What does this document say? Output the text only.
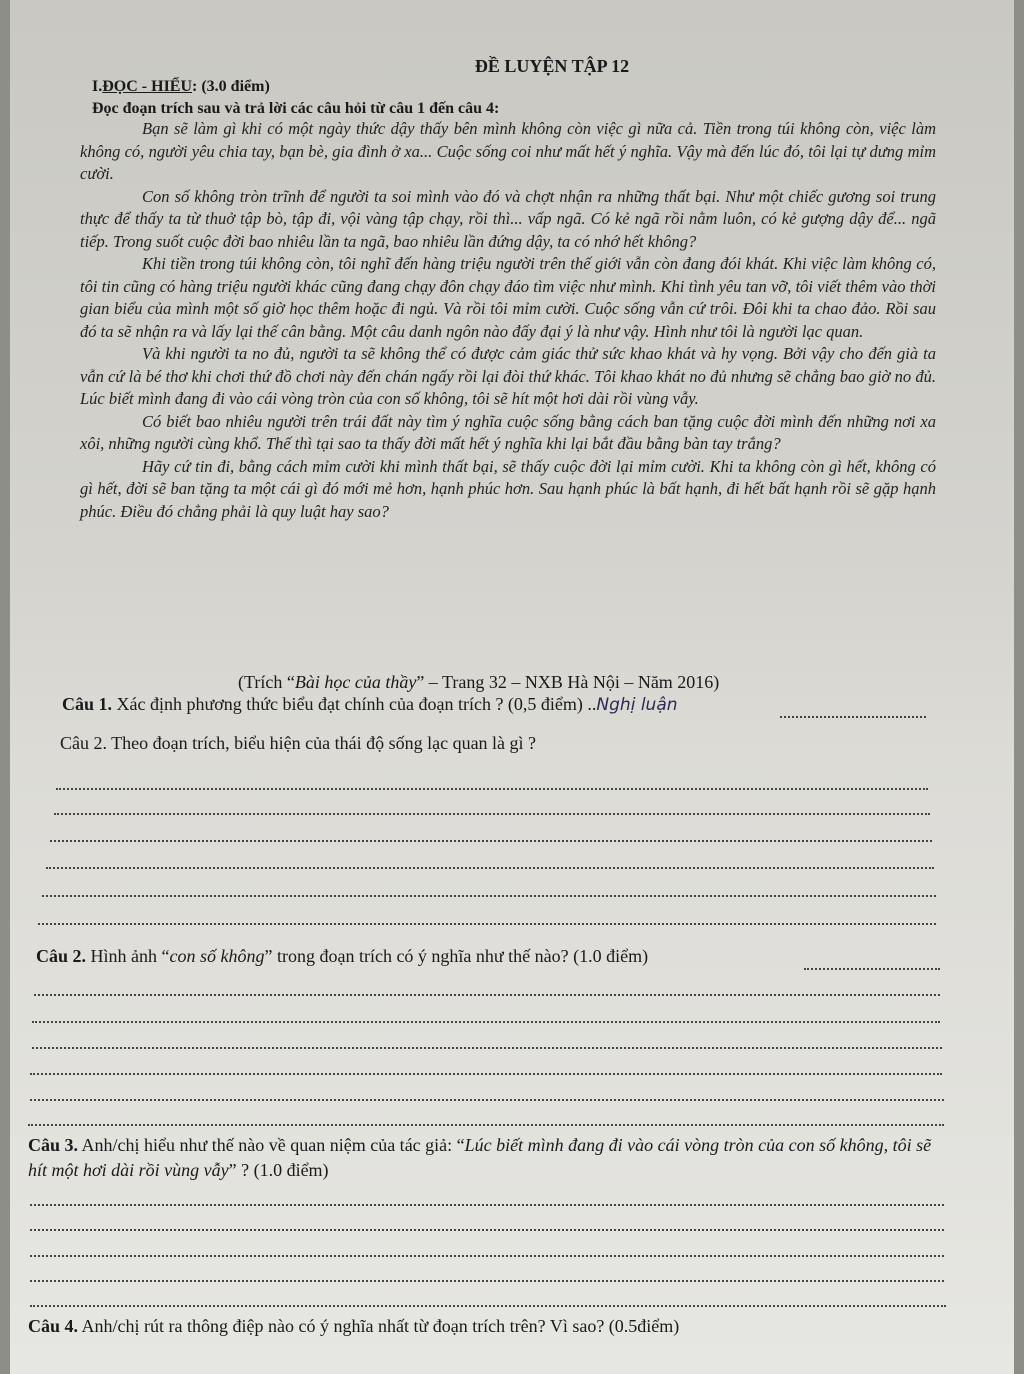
ĐỀ LUYỆN TẬP 12
I.ĐỌC - HIỂU: (3.0 điểm)
Đọc đoạn trích sau và trả lời các câu hỏi từ câu 1 đến câu 4:

Bạn sẽ làm gì khi có một ngày thức dậy thấy bên mình không còn việc gì nữa cả. Tiền trong túi không còn, việc làm không có, người yêu chia tay, bạn bè, gia đình ở xa... Cuộc sống coi như mất hết ý nghĩa. Vậy mà đến lúc đó, tôi lại tự dưng mỉm cười.

Con số không tròn trĩnh để người ta soi mình vào đó và chợt nhận ra những thất bại. Như một chiếc gương soi trung thực để thấy ta từ thuở tập bò, tập đi, vội vàng tập chạy, rồi thì... vấp ngã. Có kẻ ngã rồi nằm luôn, có kẻ gượng dậy để... ngã tiếp. Trong suốt cuộc đời bao nhiêu lần ta ngã, bao nhiêu lần đứng dậy, ta có nhớ hết không?

Khi tiền trong túi không còn, tôi nghĩ đến hàng triệu người trên thế giới vẫn còn đang đói khát. Khi việc làm không có, tôi tin cũng có hàng triệu người khác cũng đang chạy đôn chạy đáo tìm việc như mình. Khi tình yêu tan vỡ, tôi viết thêm vào thời gian biểu của mình một số giờ học thêm hoặc đi ngủ. Và rồi tôi mỉm cười. Cuộc sống vẫn cứ trôi. Đôi khi ta chao đảo. Rồi sau đó ta sẽ nhận ra và lấy lại thế cân bằng. Một câu danh ngôn nào đấy đại ý là như vậy. Hình như tôi là người lạc quan.

Và khi người ta no đủ, người ta sẽ không thể có được cảm giác thử sức khao khát và hy vọng. Bởi vậy cho đến già ta vẫn cứ là bé thơ khi chơi thứ đồ chơi này đến chán ngấy rồi lại đòi thứ khác. Tôi khao khát no đủ nhưng sẽ chẳng bao giờ no đủ. Lúc biết mình đang đi vào cái vòng tròn của con số không, tôi sẽ hít một hơi dài rồi vùng vẫy.

Có biết bao nhiêu người trên trái đất này tìm ý nghĩa cuộc sống bằng cách ban tặng cuộc đời mình đến những nơi xa xôi, những người cùng khổ. Thế thì tại sao ta thấy đời mất hết ý nghĩa khi lại bắt đầu bằng bàn tay trắng?

Hãy cứ tin đi, bằng cách mỉm cười khi mình thất bại, sẽ thấy cuộc đời lại mỉm cười. Khi ta không còn gì hết, không có gì hết, đời sẽ ban tặng ta một cái gì đó mới mẻ hơn, hạnh phúc hơn. Sau hạnh phúc là bất hạnh, đi hết bất hạnh rồi sẽ gặp hạnh phúc. Điều đó chẳng phải là quy luật hay sao?

(Trích “Bài học của thầy” – Trang 32 – NXB Hà Nội – Năm 2016)
Câu 1. Xác định phương thức biểu đạt chính của đoạn trích ? (0,5 điểm) ..Nghị luận
Câu 2. Theo đoạn trích, biểu hiện của thái độ sống lạc quan là gì ?
Câu 2. Hình ảnh “con số không” trong đoạn trích có ý nghĩa như thế nào? (1.0 điểm)
Câu 3. Anh/chị hiểu như thế nào về quan niệm của tác giả: “Lúc biết mình đang đi vào cái vòng tròn của con số không, tôi sẽ hít một hơi dài rồi vùng vẫy” ? (1.0 điểm)
Câu 4. Anh/chị rút ra thông điệp nào có ý nghĩa nhất từ đoạn trích trên? Vì sao? (0.5điểm)
